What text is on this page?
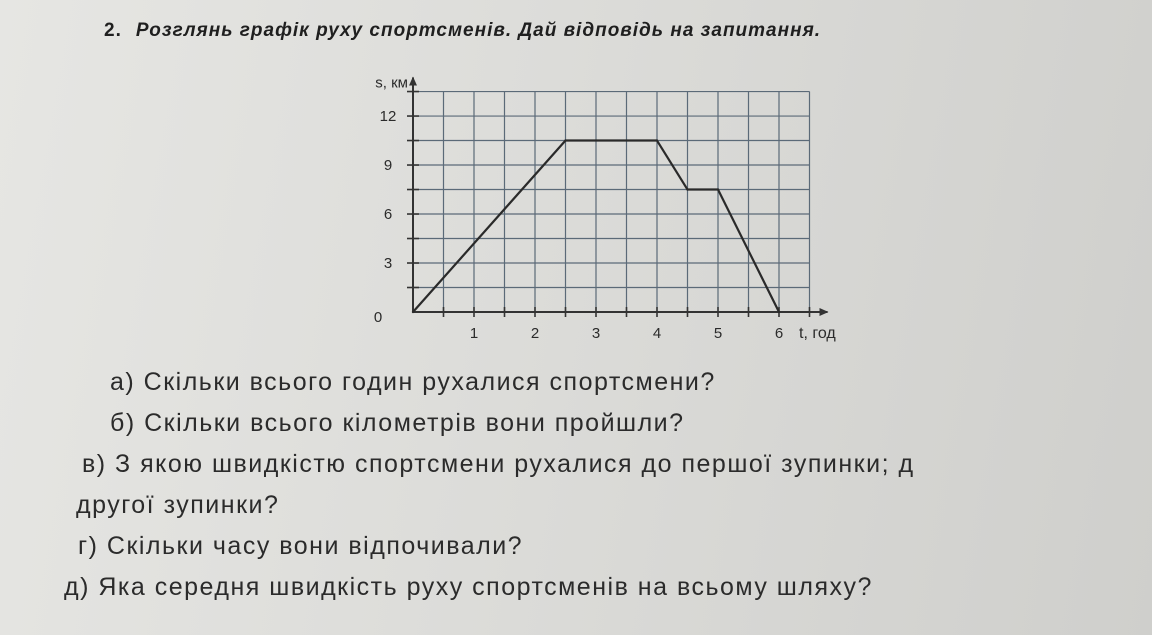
2. Розглянь графік руху спортсменів. Дай відповідь на запитання.
1	2	3	4	5	6
3
6
9
12
0
s, км
t, год
а) Скільки всього годин рухалися спортсмени?
б) Скільки всього кілометрів вони пройшли?
в) З якою швидкістю спортсмени рухалися до першої зупинки; д
другої зупинки?
г) Скільки часу вони відпочивали?
д) Яка середня швидкість руху спортсменів на всьому шляху?
